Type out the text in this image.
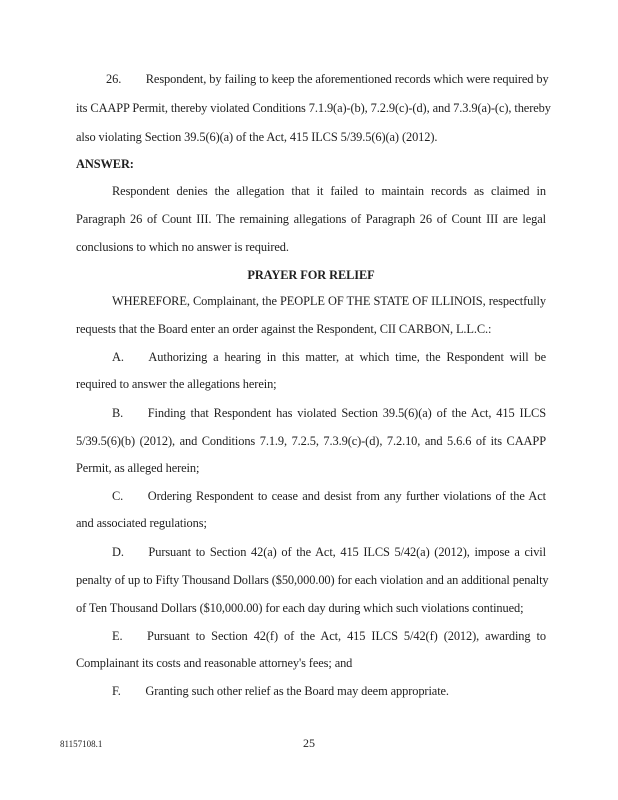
26.  Respondent, by failing to keep the aforementioned records which were required by
its CAAPP Permit, thereby violated Conditions 7.1.9(a)-(b), 7.2.9(c)-(d), and 7.3.9(a)-(c), thereby
also violating Section 39.5(6)(a) of the Act, 415 ILCS 5/39.5(6)(a) (2012).
ANSWER:
Respondent denies the allegation that it failed to maintain records as claimed in
Paragraph 26 of Count III. The remaining allegations of Paragraph 26 of Count III are legal
conclusions to which no answer is required.
PRAYER FOR RELIEF
WHEREFORE, Complainant, the PEOPLE OF THE STATE OF ILLINOIS, respectfully
requests that the Board enter an order against the Respondent, CII CARBON, L.L.C.:
A.  Authorizing a hearing in this matter, at which time, the Respondent will be
required to answer the allegations herein;
B.  Finding that Respondent has violated Section 39.5(6)(a) of the Act, 415 ILCS
5/39.5(6)(b) (2012), and Conditions 7.1.9, 7.2.5, 7.3.9(c)-(d), 7.2.10, and 5.6.6 of its CAAPP
Permit, as alleged herein;
C.  Ordering Respondent to cease and desist from any further violations of the Act
and associated regulations;
D.  Pursuant to Section 42(a) of the Act, 415 ILCS 5/42(a) (2012), impose a civil
penalty of up to Fifty Thousand Dollars ($50,000.00) for each violation and an additional penalty
of Ten Thousand Dollars ($10,000.00) for each day during which such violations continued;
E.  Pursuant to Section 42(f) of the Act, 415 ILCS 5/42(f) (2012), awarding to
Complainant its costs and reasonable attorney's fees; and
F.  Granting such other relief as the Board may deem appropriate.
81157108.1	25
